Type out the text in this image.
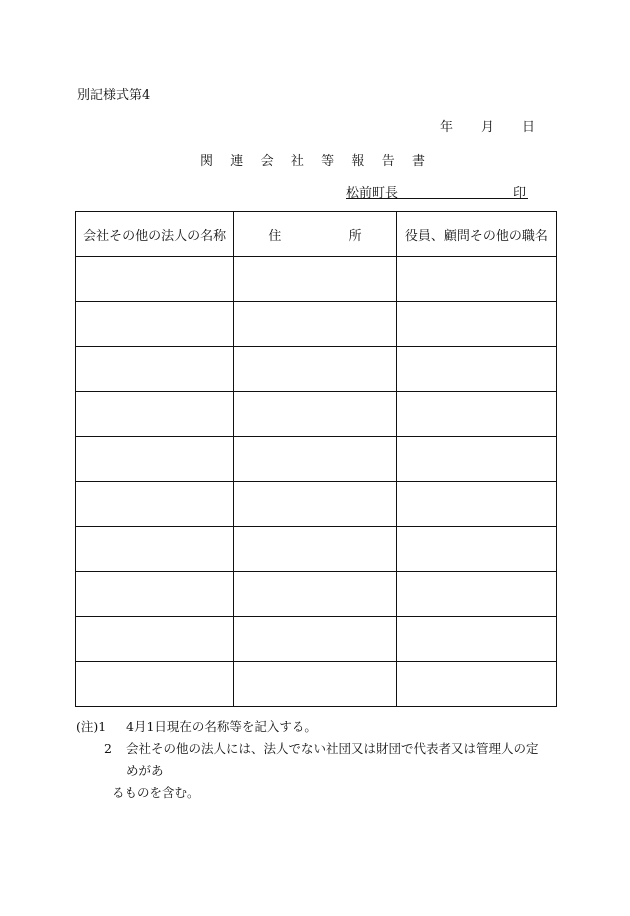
別記様式第4
年 月 日
関 連 会 社 等 報 告 書
松前町長	印
会社その他の法人の名称	住 所	役員、顧問その他の職名

(注)1	4月1日現在の名称等を記入する。
2	会社その他の法人には、法人でない社団又は財団で代表者又は管理人の定めがあ
るものを含む。
